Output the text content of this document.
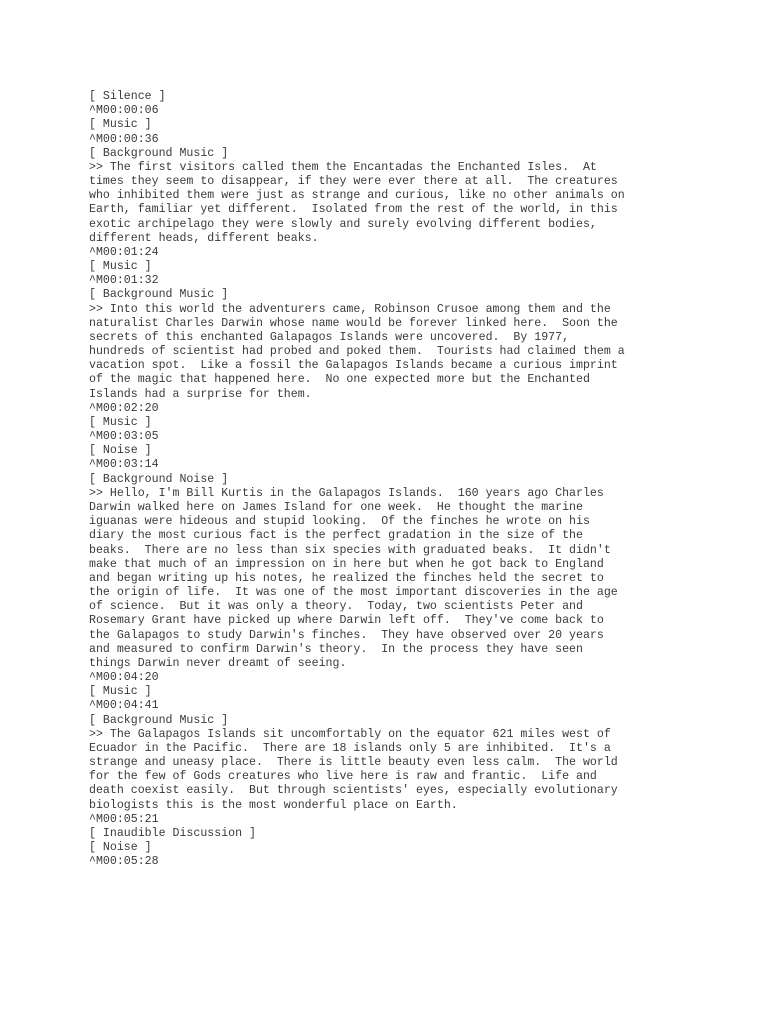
[ Silence ]
^M00:00:06
[ Music ]
^M00:00:36
[ Background Music ]
>> The first visitors called them the Encantadas the Enchanted Isles.  At
times they seem to disappear, if they were ever there at all.  The creatures
who inhibited them were just as strange and curious, like no other animals on
Earth, familiar yet different.  Isolated from the rest of the world, in this
exotic archipelago they were slowly and surely evolving different bodies,
different heads, different beaks.
^M00:01:24
[ Music ]
^M00:01:32
[ Background Music ]
>> Into this world the adventurers came, Robinson Crusoe among them and the
naturalist Charles Darwin whose name would be forever linked here.  Soon the
secrets of this enchanted Galapagos Islands were uncovered.  By 1977,
hundreds of scientist had probed and poked them.  Tourists had claimed them a
vacation spot.  Like a fossil the Galapagos Islands became a curious imprint
of the magic that happened here.  No one expected more but the Enchanted
Islands had a surprise for them.
^M00:02:20
[ Music ]
^M00:03:05
[ Noise ]
^M00:03:14
[ Background Noise ]
>> Hello, I'm Bill Kurtis in the Galapagos Islands.  160 years ago Charles
Darwin walked here on James Island for one week.  He thought the marine
iguanas were hideous and stupid looking.  Of the finches he wrote on his
diary the most curious fact is the perfect gradation in the size of the
beaks.  There are no less than six species with graduated beaks.  It didn't
make that much of an impression on in here but when he got back to England
and began writing up his notes, he realized the finches held the secret to
the origin of life.  It was one of the most important discoveries in the age
of science.  But it was only a theory.  Today, two scientists Peter and
Rosemary Grant have picked up where Darwin left off.  They've come back to
the Galapagos to study Darwin's finches.  They have observed over 20 years
and measured to confirm Darwin's theory.  In the process they have seen
things Darwin never dreamt of seeing.
^M00:04:20
[ Music ]
^M00:04:41
[ Background Music ]
>> The Galapagos Islands sit uncomfortably on the equator 621 miles west of
Ecuador in the Pacific.  There are 18 islands only 5 are inhibited.  It's a
strange and uneasy place.  There is little beauty even less calm.  The world
for the few of Gods creatures who live here is raw and frantic.  Life and
death coexist easily.  But through scientists' eyes, especially evolutionary
biologists this is the most wonderful place on Earth.
^M00:05:21
[ Inaudible Discussion ]
[ Noise ]
^M00:05:28
